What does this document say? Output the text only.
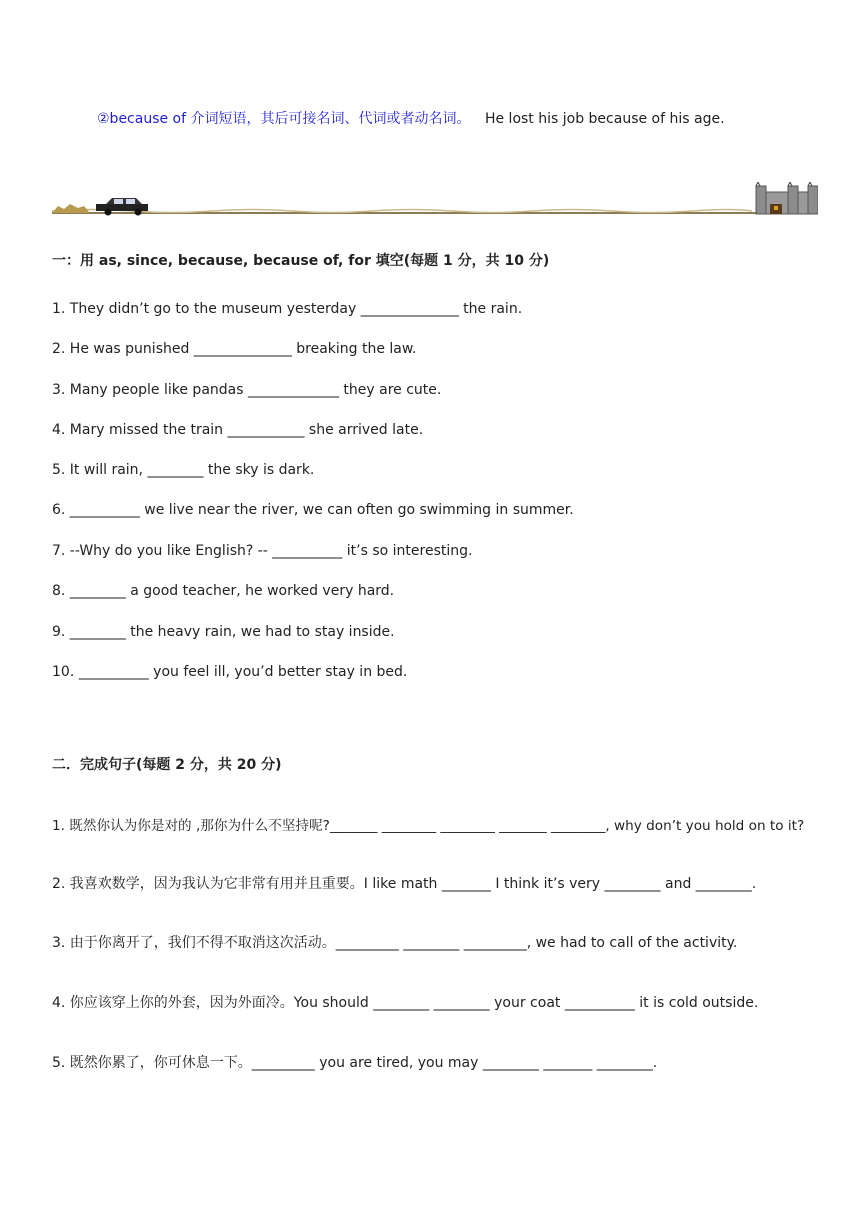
②because of 介词短语，其后可接名词、代词或者动名词。 He lost his job because of his age.
一：用 as, since, because, because of, for 填空(每题 1 分，共 10 分)
1. They didn’t go to the museum yesterday ______________ the rain.
2. He was punished ______________ breaking the law.
3. Many people like pandas _____________ they are cute.
4. Mary missed the train ___________ she arrived late.
5. It will rain, ________ the sky is dark.
6. __________ we live near the river, we can often go swimming in summer.
7. --Why do you like English? -- __________ it’s so interesting.
8. ________ a good teacher, he worked very hard.
9. ________ the heavy rain, we had to stay inside.
10. __________ you feel ill, you’d better stay in bed.
二．完成句子(每题 2 分，共 20 分)
1. 既然你认为你是对的 ,那你为什么不坚持呢?_______ ________ ________ _______ ________, why don’t you hold on to it?
2. 我喜欢数学，因为我认为它非常有用并且重要。I like math _______ I think it’s very ________ and ________.
3. 由于你离开了，我们不得不取消这次活动。_________ ________ _________, we had to call of the activity.
4. 你应该穿上你的外套，因为外面冷。You should ________ ________ your coat __________ it is cold outside.
5. 既然你累了，你可休息一下。_________ you are tired, you may ________ _______ ________.
